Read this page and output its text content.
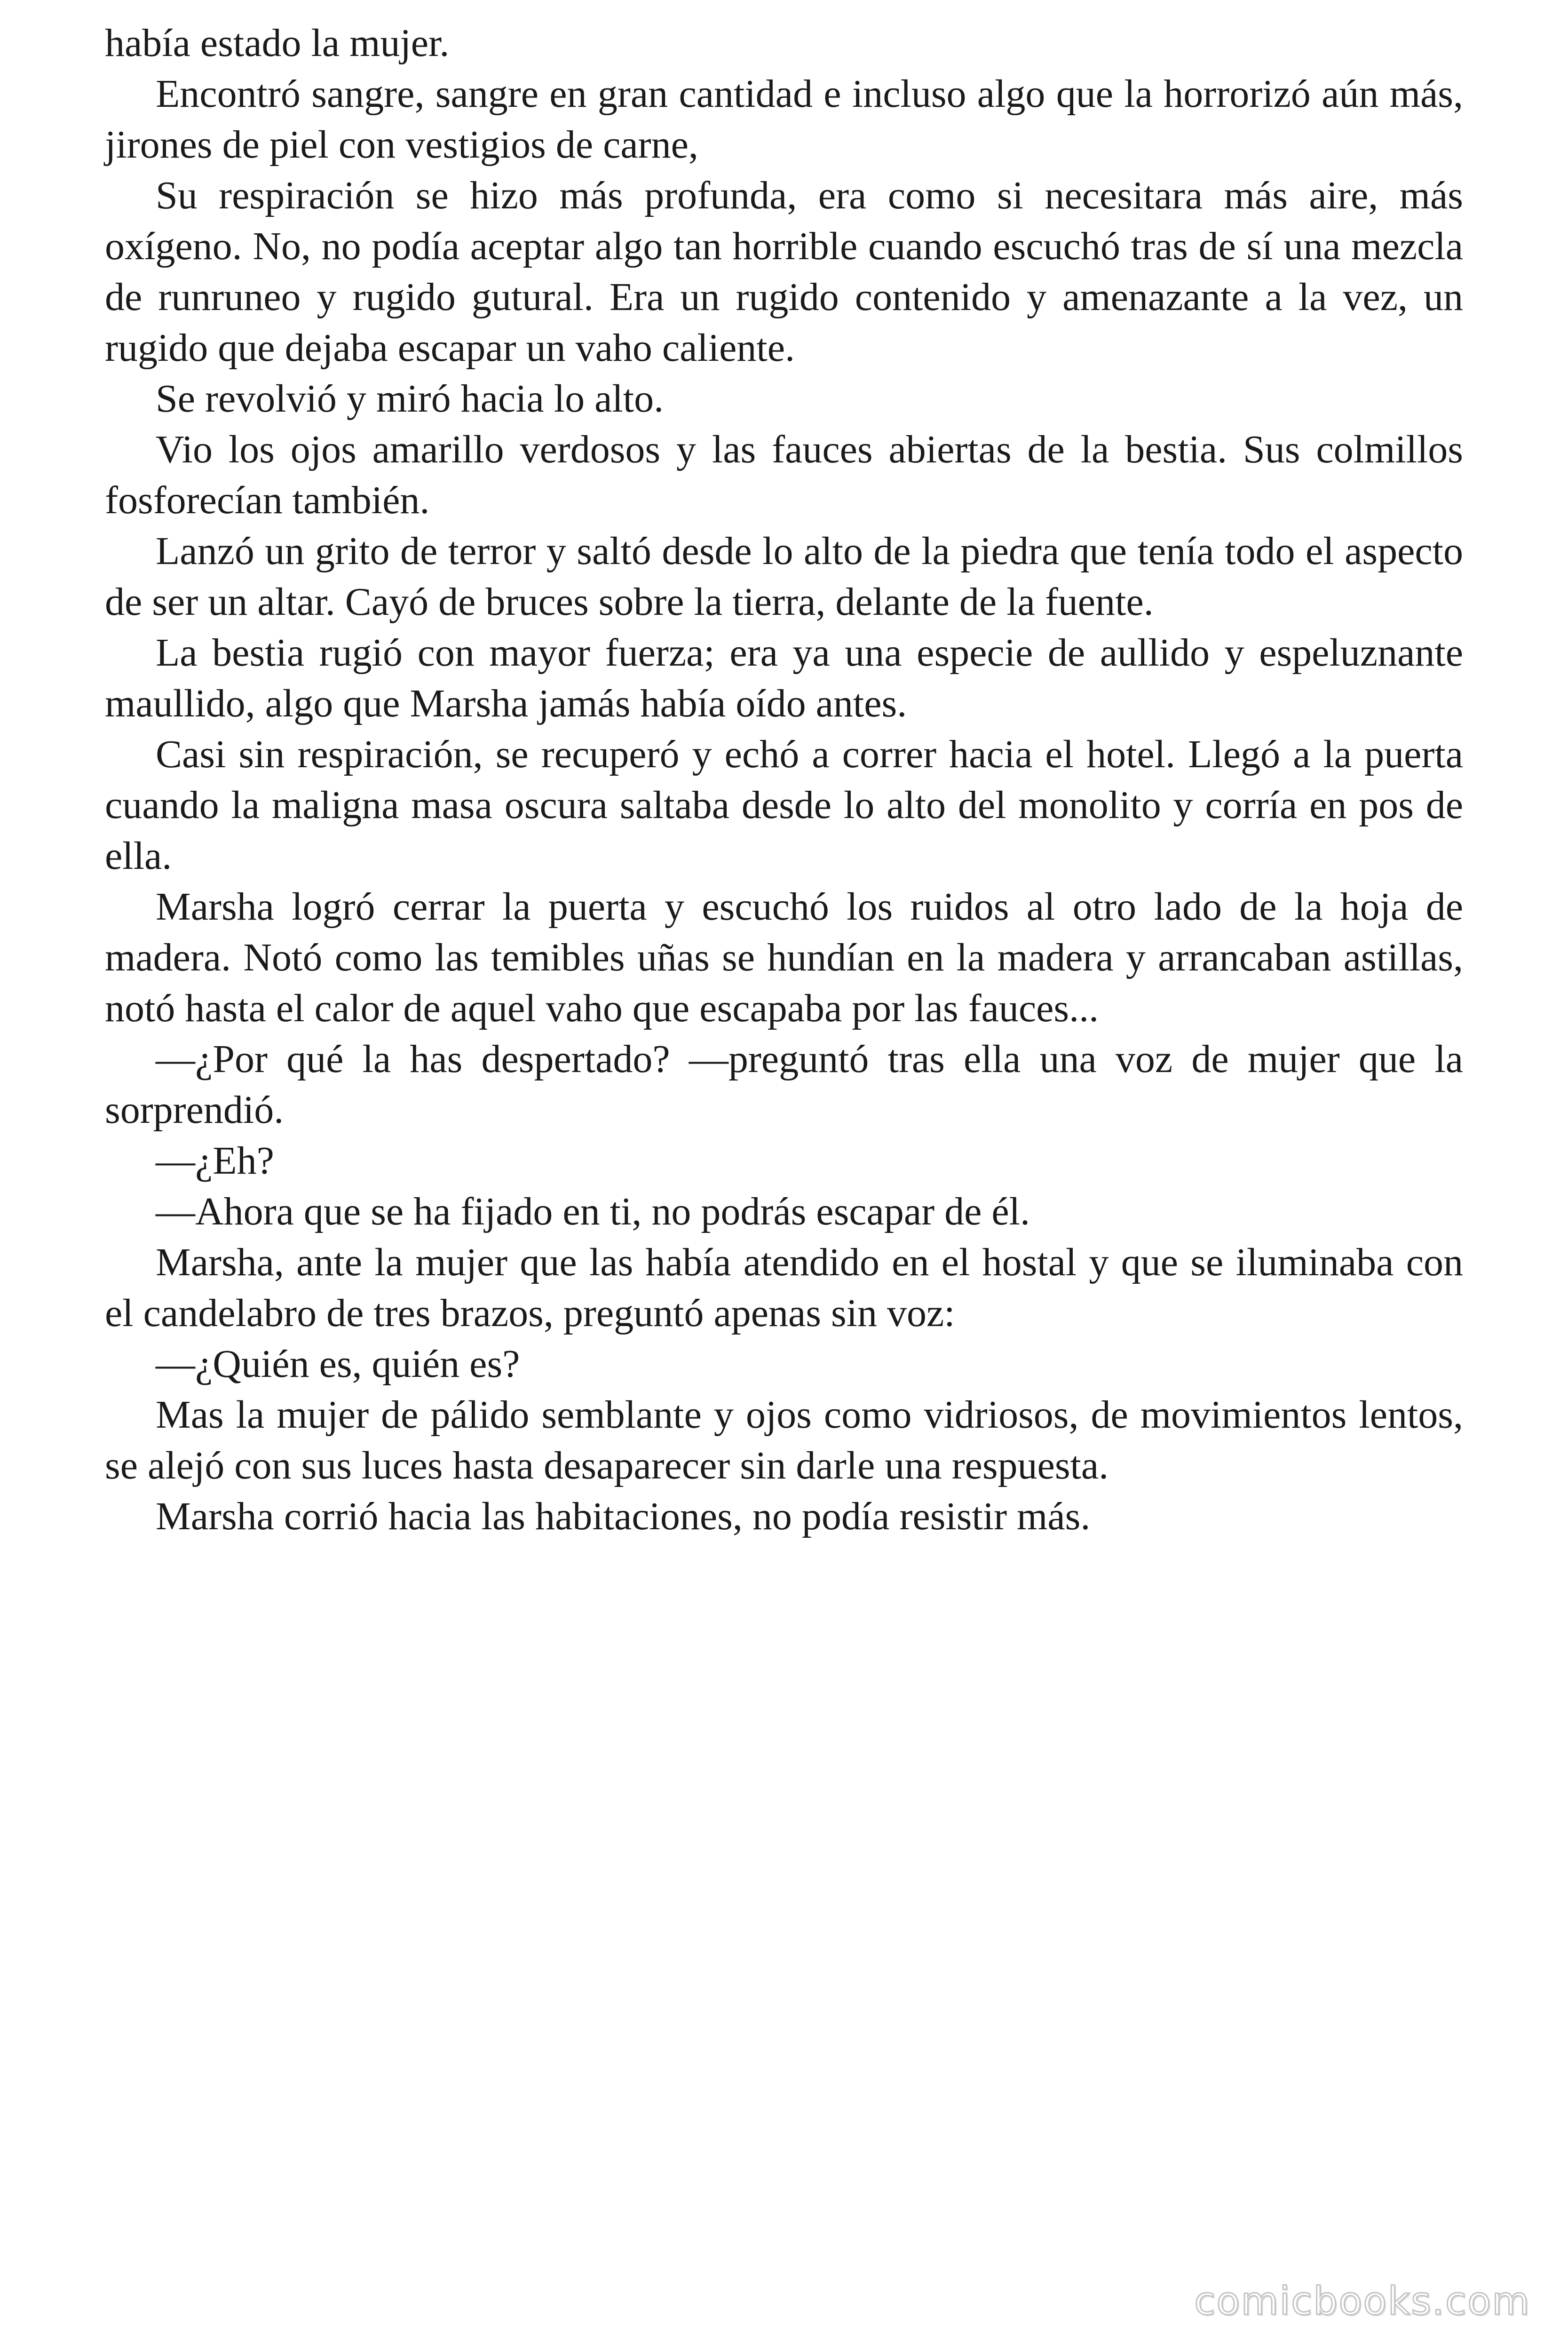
había estado la mujer.

Encontró sangre, sangre en gran cantidad e incluso algo que la horrorizó aún más, jirones de piel con vestigios de carne,

Su respiración se hizo más profunda, era como si necesitara más aire, más oxígeno. No, no podía aceptar algo tan horrible cuando escuchó tras de sí una mezcla de runruneo y rugido gutural. Era un rugido contenido y amenazante a la vez, un rugido que dejaba escapar un vaho caliente.

Se revolvió y miró hacia lo alto.

Vio los ojos amarillo verdosos y las fauces abiertas de la bestia. Sus colmillos fosforecían también.

Lanzó un grito de terror y saltó desde lo alto de la piedra que tenía todo el aspecto de ser un altar. Cayó de bruces sobre la tierra, delante de la fuente.

La bestia rugió con mayor fuerza; era ya una especie de aullido y espeluznante maullido, algo que Marsha jamás había oído antes.

Casi sin respiración, se recuperó y echó a correr hacia el hotel. Llegó a la puerta cuando la maligna masa oscura saltaba desde lo alto del monolito y corría en pos de ella.

Marsha logró cerrar la puerta y escuchó los ruidos al otro lado de la hoja de madera. Notó como las temibles uñas se hundían en la madera y arrancaban astillas, notó hasta el calor de aquel vaho que escapaba por las fauces...

—¿Por qué la has despertado? —preguntó tras ella una voz de mujer que la sorprendió.

—¿Eh?

—Ahora que se ha fijado en ti, no podrás escapar de él.

Marsha, ante la mujer que las había atendido en el hostal y que se iluminaba con el candelabro de tres brazos, preguntó apenas sin voz:

—¿Quién es, quién es?

Mas la mujer de pálido semblante y ojos como vidriosos, de movimientos lentos, se alejó con sus luces hasta desaparecer sin darle una respuesta.

Marsha corrió hacia las habitaciones, no podía resistir más.

comicbooks.com
